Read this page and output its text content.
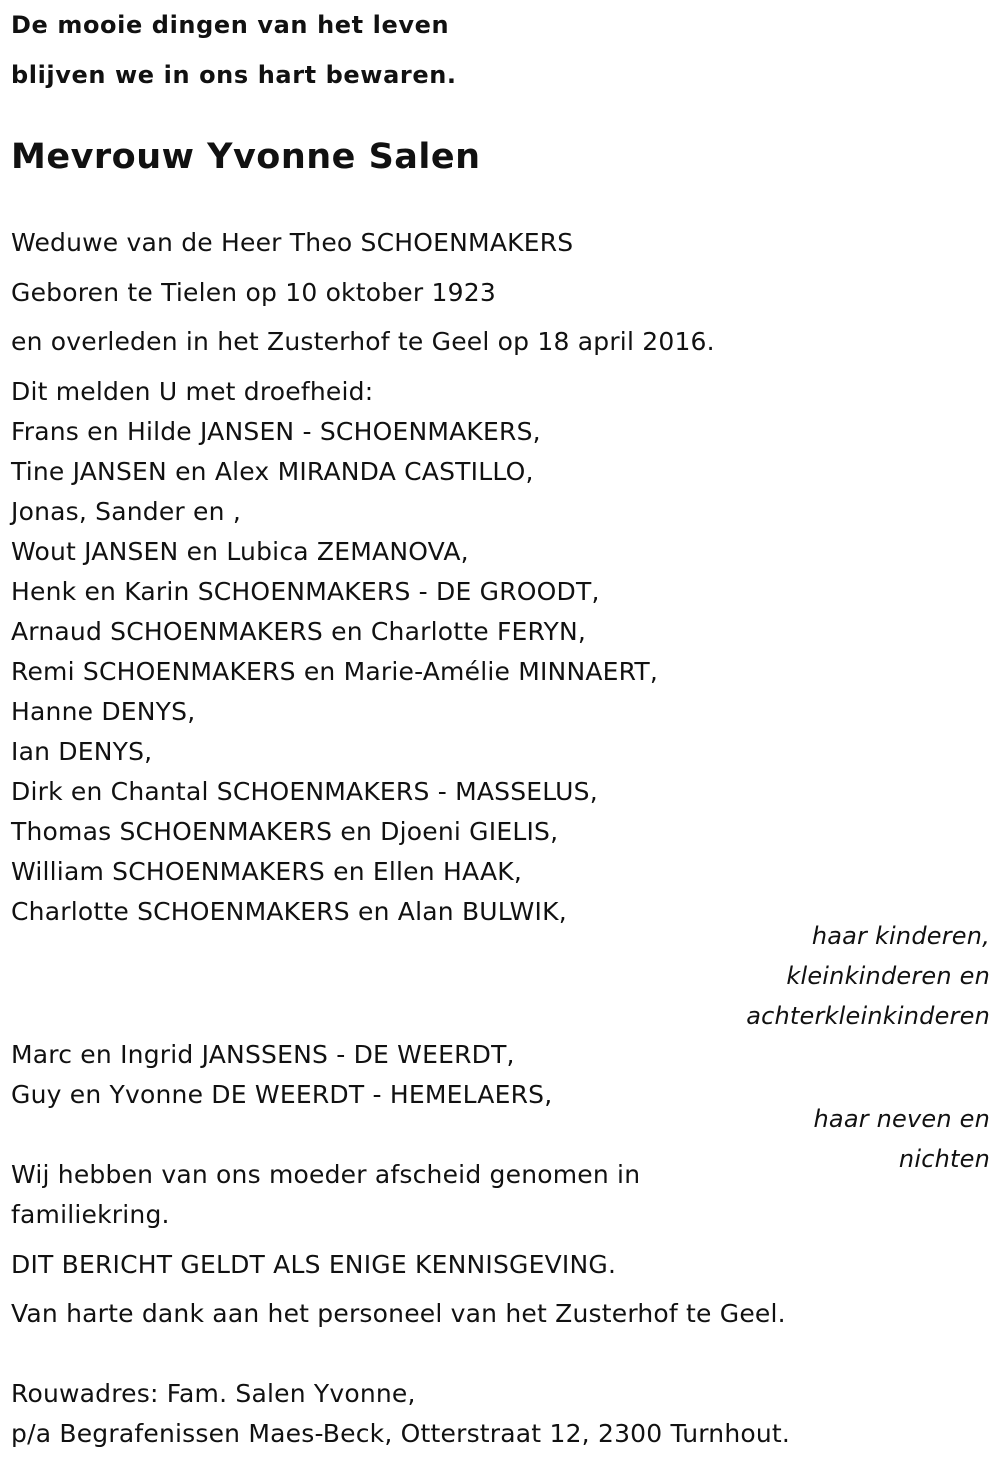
De mooie dingen van het leven
blijven we in ons hart bewaren.
Mevrouw Yvonne Salen
Weduwe van de Heer Theo SCHOENMAKERS
Geboren te Tielen op 10 oktober 1923
en overleden in het Zusterhof te Geel op 18 april 2016.
Dit melden U met droefheid:
Frans en Hilde JANSEN - SCHOENMAKERS,
Tine JANSEN en Alex MIRANDA CASTILLO,
Jonas, Sander en ,
Wout JANSEN en Lubica ZEMANOVA,
Henk en Karin SCHOENMAKERS - DE GROODT,
Arnaud SCHOENMAKERS en Charlotte FERYN,
Remi SCHOENMAKERS en Marie-Amélie MINNAERT,
Hanne DENYS,
Ian DENYS,
Dirk en Chantal SCHOENMAKERS - MASSELUS,
Thomas SCHOENMAKERS en Djoeni GIELIS,
William SCHOENMAKERS en Ellen HAAK,
Charlotte SCHOENMAKERS en Alan BULWIK,
haar kinderen,
kleinkinderen en
achterkleinkinderen
Marc en Ingrid JANSSENS - DE WEERDT,
Guy en Yvonne DE WEERDT - HEMELAERS,
haar neven en
nichten
Wij hebben van ons moeder afscheid genomen in
familiekring.
DIT BERICHT GELDT ALS ENIGE KENNISGEVING.
Van harte dank aan het personeel van het Zusterhof te Geel.
Rouwadres: Fam. Salen Yvonne,
p/a Begrafenissen Maes-Beck, Otterstraat 12, 2300 Turnhout.
